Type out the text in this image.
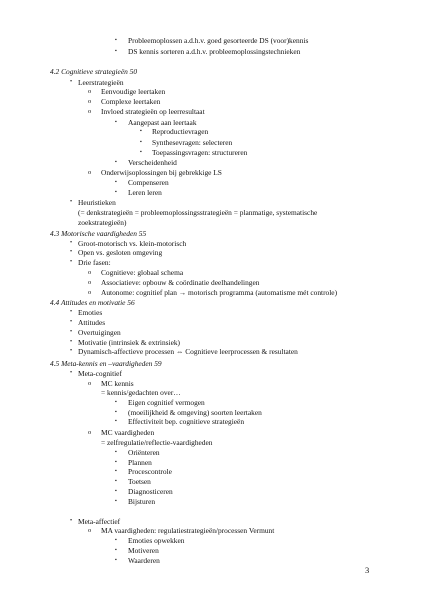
▪	Probleemoplossen a.d.h.v. goed gesorteerde DS (voor)kennis
▪	DS kennis sorteren a.d.h.v. probleemoplossingstechnieken
4.2 Cognitieve strategieën 50
• Leerstrategieën
o	Eenvoudige leertaken
o	Complexe leertaken
o	Invloed strategieën op leerresultaat
▪	Aangepast aan leertaak
▪	Reproductievragen
▪	Synthesevragen: selecteren
▪	Toepassingsvragen: structureren
▪	Verscheidenheid
o	Onderwijsoplossingen bij gebrekkige LS
▪	Compenseren
▪	Leren leren
• Heuristieken
(= denkstrategieën = probleemoplossingsstrategieën = planmatige, systematische
zoekstrategieën)
4.3 Motorische vaardigheden 55
• Groot-motorisch vs. klein-motorisch
• Open vs. gesloten omgeving
• Drie fasen:
o	Cognitieve: globaal schema
o	Associatieve: opbouw & coördinatie deelhandelingen
o	Autonome: cognitief plan → motorisch programma (automatisme mét controle)
4.4 Attitudes en motivatie 56
• Emoties
• Attitudes
• Overtuigingen
• Motivatie (intrinsiek & extrinsiek)
• Dynamisch-affectieve processen ⇔ Cognitieve leerprocessen & resultaten
4.5 Meta-kennis en –vaardigheden 59
• Meta-cognitief
o	MC kennis
= kennis/gedachten over…
▪	Eigen cognitief vermogen
▪	(moeilijkheid & omgeving) soorten leertaken
▪	Effectiviteit bep. cognitieve strategieën
o	MC vaardigheden
= zelfregulatie/reflectie-vaardigheden
▪	Oriënteren
▪	Plannen
▪	Procescontrole
▪	Toetsen
▪	Diagnosticeren
▪	Bijsturen
• Meta-affectief
o	MA vaardigheden: regulatiestrategieën/processen Vermunt
▪	Emoties opwekken
▪	Motiveren
▪	Waarderen
3
